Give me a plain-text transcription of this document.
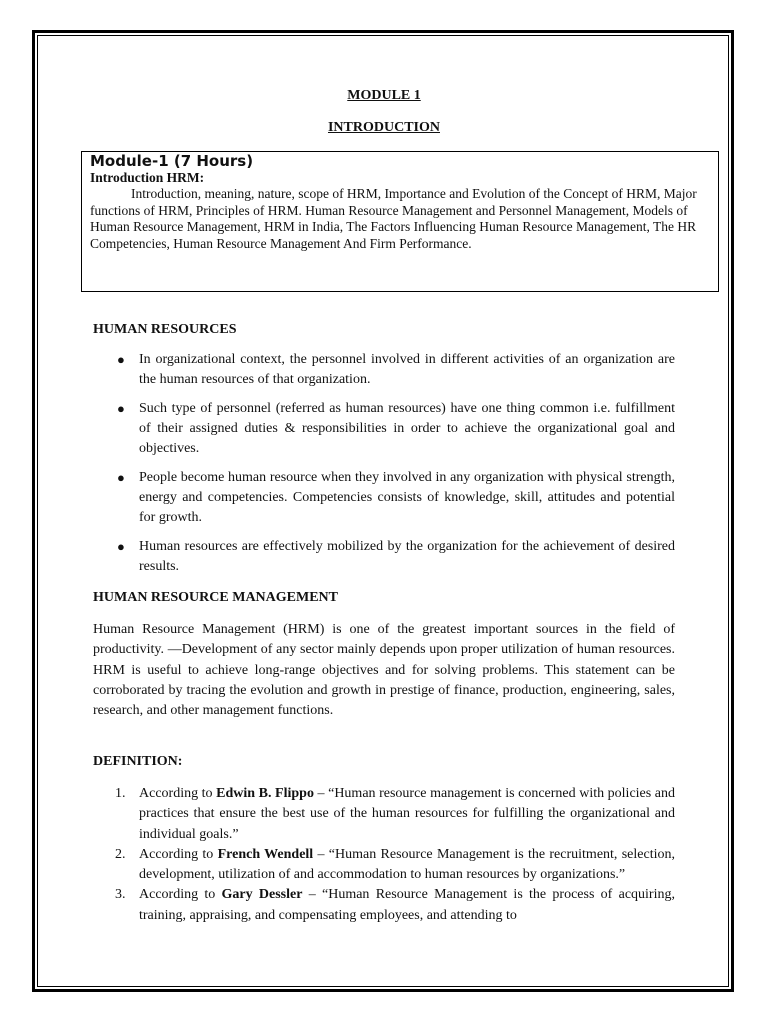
MODULE 1
INTRODUCTION
Module-1 (7 Hours)
Introduction HRM:
Introduction, meaning, nature, scope of HRM, Importance and Evolution of the Concept of HRM, Major functions of HRM, Principles of HRM. Human Resource Management and Personnel Management, Models of Human Resource Management, HRM in India, The Factors Influencing Human Resource Management, The HR Competencies, Human Resource Management And Firm Performance.
HUMAN RESOURCES
● In organizational context, the personnel involved in different activities of an organization are the human resources of that organization.
● Such type of personnel (referred as human resources) have one thing common i.e. fulfillment of their assigned duties & responsibilities in order to achieve the organizational goal and objectives.
● People become human resource when they involved in any organization with physical strength, energy and competencies. Competencies consists of knowledge, skill, attitudes and potential for growth.
● Human resources are effectively mobilized by the organization for the achievement of desired results.
HUMAN RESOURCE MANAGEMENT

Human Resource Management (HRM) is one of the greatest important sources in the field of productivity. ―Development of any sector mainly depends upon proper utilization of human resources. HRM is useful to achieve long-range objectives and for solving problems. This statement can be corroborated by tracing the evolution and growth in prestige of finance, production, engineering, sales, research, and other management functions.

DEFINITION:
1. According to Edwin B. Flippo – “Human resource management is concerned with policies and practices that ensure the best use of the human resources for fulfilling the organizational and individual goals.”
2. According to French Wendell – “Human Resource Management is the recruitment, selection, development, utilization of and accommodation to human resources by organizations.”
3. According to Gary Dessler – “Human Resource Management is the process of acquiring, training, appraising, and compensating employees, and attending to
